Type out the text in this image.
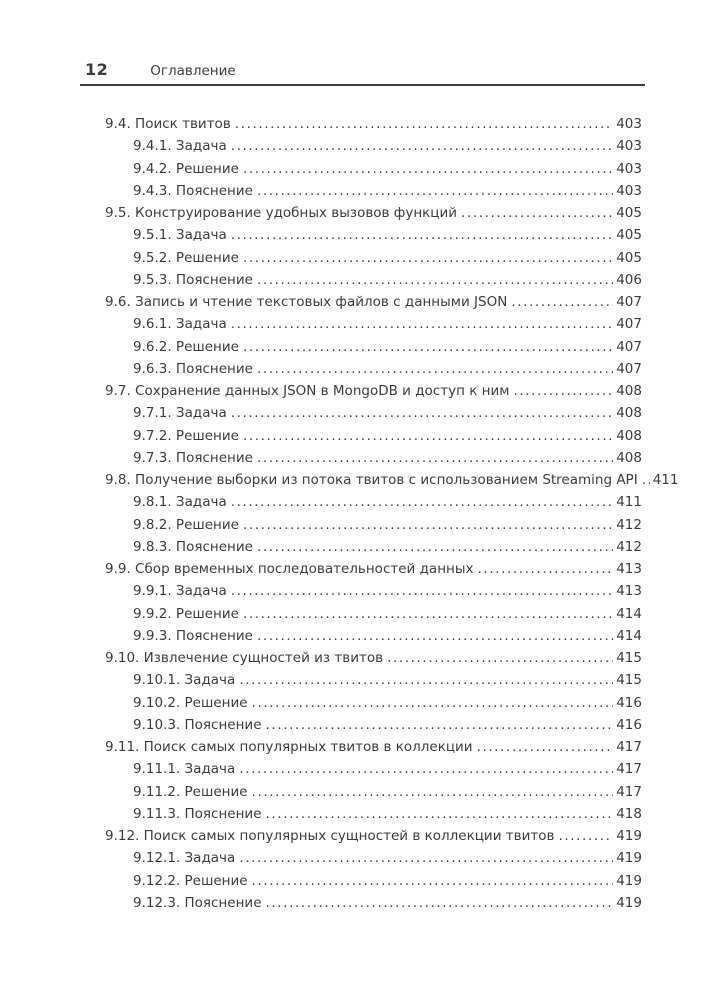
12	Оглавление
9.4. Поиск твитов .....	403
9.4.1. Задача .....	403
9.4.2. Решение .....	403
9.4.3. Пояснение .....	403
9.5. Конструирование удобных вызовов функций .....	405
9.5.1. Задача .....	405
9.5.2. Решение .....	405
9.5.3. Пояснение .....	406
9.6. Запись и чтение текстовых файлов с данными JSON .....	407
9.6.1. Задача .....	407
9.6.2. Решение .....	407
9.6.3. Пояснение .....	407
9.7. Сохранение данных JSON в MongoDB и доступ к ним .....	408
9.7.1. Задача .....	408
9.7.2. Решение .....	408
9.7.3. Пояснение .....	408
9.8. Получение выборки из потока твитов с использованием Streaming API ..... 411
9.8.1. Задача .....	411
9.8.2. Решение .....	412
9.8.3. Пояснение .....	412
9.9. Сбор временных последовательностей данных .....	413
9.9.1. Задача .....	413
9.9.2. Решение .....	414
9.9.3. Пояснение .....	414
9.10. Извлечение сущностей из твитов .....	415
9.10.1. Задача .....	415
9.10.2. Решение .....	416
9.10.3. Пояснение .....	416
9.11. Поиск самых популярных твитов в коллекции .....	417
9.11.1. Задача .....	417
9.11.2. Решение .....	417
9.11.3. Пояснение .....	418
9.12. Поиск самых популярных сущностей в коллекции твитов .....	419
9.12.1. Задача .....	419
9.12.2. Решение .....	419
9.12.3. Пояснение .....	419
